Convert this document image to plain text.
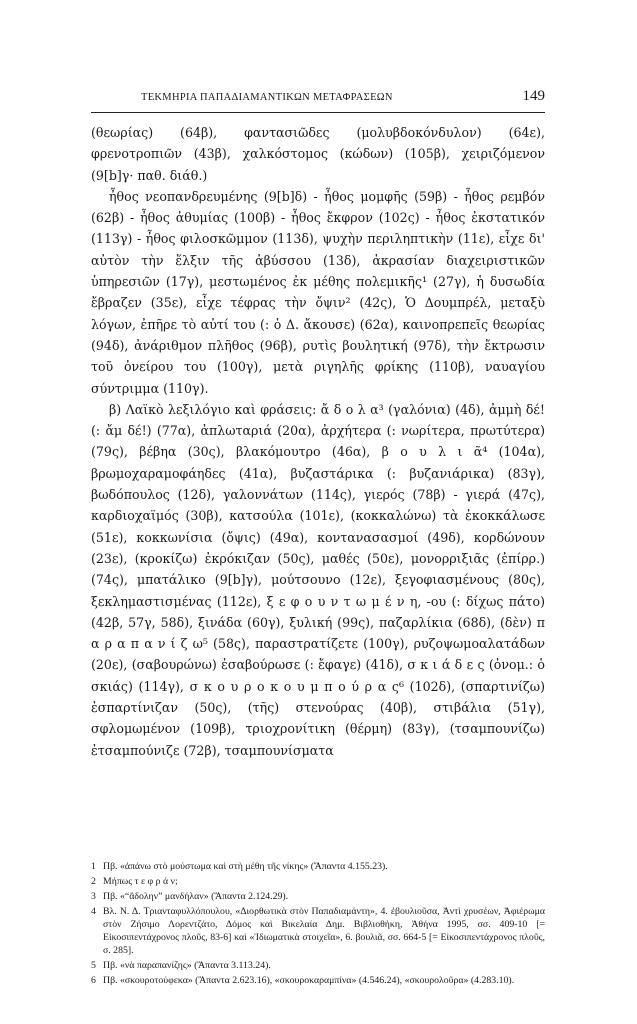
ΤΕΚΜΗΡΙΑ ΠΑΠΑΔΙΑΜΑΝΤΙΚΩΝ ΜΕΤΑΦΡΑΣΕΩΝ	149

(θεωρίας) (64β), φαντασιῶδες (μολυβδοκόνδυλον) (64ε), φρενοτροπιῶν (43β), χαλκόστομος (κώδων) (105β), χειριζόμενον (9[b]γ· παθ. διάθ.)

ἦθος νεοπανδρευμένης (9[b]δ) - ἦθος μομφῆς (59β) - ἦθος ρεμβόν (62β) - ἦθος ἀθυμίας (100β) - ἦθος ἔκφρον (102ς) - ἦθος ἐκστατικόν (113γ) - ἦθος φιλοσκῶμμον (113δ), ψυχὴν περιληπτικὴν (11ε), εἶχε δι' αὐτὸν τὴν ἕλξιν τῆς ἀβύσσου (13δ), ἀκρασίαν διαχειριστικῶν ὑπηρεσιῶν (17γ), μεστωμένος ἐκ μέθης πολεμικῆς¹ (27γ), ἡ δυσωδία ἔβραζεν (35ε), εἶχε τέφρας τὴν ὄψιν² (42ς), Ὁ Δουμπρέλ, μεταξὺ λόγων, ἐπῆρε τὸ αὐτί του (: ὁ Δ. ἄκουσε) (62α), καινοπρεπεῖς θεωρίας (94δ), ἀνάριθμον πλῆθος (96β), ρυτὶς βουλητική (97δ), τὴν ἔκτρωσιν τοῦ ὀνείρου του (100γ), μετὰ ριγηλῆς φρίκης (110β), ναυαγίου σύντριμμα (110γ).

β) Λαϊκὸ λεξιλόγιο καὶ φράσεις: ἄ δ ο λ α³ (γαλόνια) (4δ), ἀμμὴ δέ! (: ἄμ δέ!) (77α), ἀπλωταριά (20α), ἀρχήτερα (: νωρίτερα, πρωτύτερα) (79ς), βέβηα (30ς), βλακόμουτρο (46α), β ο υ λ ι ᾶ⁴ (104α), βρωμοχαραμοφάηδες (41α), βυζαστάρικα (: βυζανιάρικα) (83γ), βωδόπουλος (12δ), γαλοννάτων (114ς), γιερός (78β) - γιερά (47ς), καρδιοχαϊμός (30β), κατσούλα (101ε), (κοκκαλώνω) τὰ ἐκοκκάλωσε (51ε), κοκκωνίσια (ὄψις) (49α), κοντανασασμοί (49δ), κορδώνουν (23ε), (κροκίζω) ἐκρόκιζαν (50ς), μαθές (50ε), μονορριξιᾶς (ἐπίρρ.) (74ς), μπατάλικο (9[b]γ), μούτσουνο (12ε), ξεγοφιασμένους (80ς), ξεκλημαστισμένας (112ε), ξ ε φ ο υ ν τ ω μ έ ν η, -ου (: δίχως πάτο) (42β, 57γ, 58δ), ξινάδα (60γ), ξυλική (99ς), παζαρλίκια (68δ), (δὲν) π α ρ α π α ν ί ζ ω⁵ (58ς), παραστρατίζετε (100γ), ρυζοψωμοαλατάδων (20ε), (σαβουρώνω) ἐσαβούρωσε (: ἔφαγε) (41δ), σ κ ι ά δ ε ς (ὀνομ.: ὁ σκιάς) (114γ), σ κ ο υ ρ ο κ ο υ μ π ο ύ ρ α ς⁶ (102δ), (σπαρτινίζω) ἐσπαρτίνιζαν (50ς), (τῆς) στενούρας (40β), στιβάλια (51γ), σφλομωμένον (109β), τριοχρονίτικη (θέρμη) (83γ), (τσαμπουνίζω) ἐτσαμπούνιζε (72β), τσαμπουνίσματα

1 Πβ. «ἀπάνω στὸ μούστωμα καὶ στὴ μέθη τῆς νίκης» (Ἅπαντα 4.155.23).

2 Μήπως τ ε φ ρ ά ν;

3 Πβ. «“ἄδολην” μανδήλαν» (Ἅπαντα 2.124.29).

4 Βλ. Ν. Δ. Τριανταφυλλόπουλου, «Διορθωτικὰ στὸν Παπαδιαμάντη», 4. ἐβουλιοῦσα, Ἀντὶ χρυσέων, Ἀφιέρωμα στὸν Ζήσιμο Λορεντζάτο, Δόμος καὶ Βικελαία Δημ. Βιβλιοθήκη, Ἀθήνα 1995, σσ. 409-10 [= Εἰκοσιπεντάχρονος πλοῦς, 83-6] καὶ «Ἰδιωματικὰ στοιχεῖα», 6. βουλιᾶ, σσ. 664-5 [= Εἰκοσιπεντάχρονος πλοῦς, σ. 285].

5 Πβ. «νὰ παραπανίζης» (Ἅπαντα 3.113.24).

6 Πβ. «σκουροτούφεκα» (Ἅπαντα 2.623.16), «σκουροκαραμπίνα» (4.546.24), «σκουρολοῦρα» (4.283.10).
